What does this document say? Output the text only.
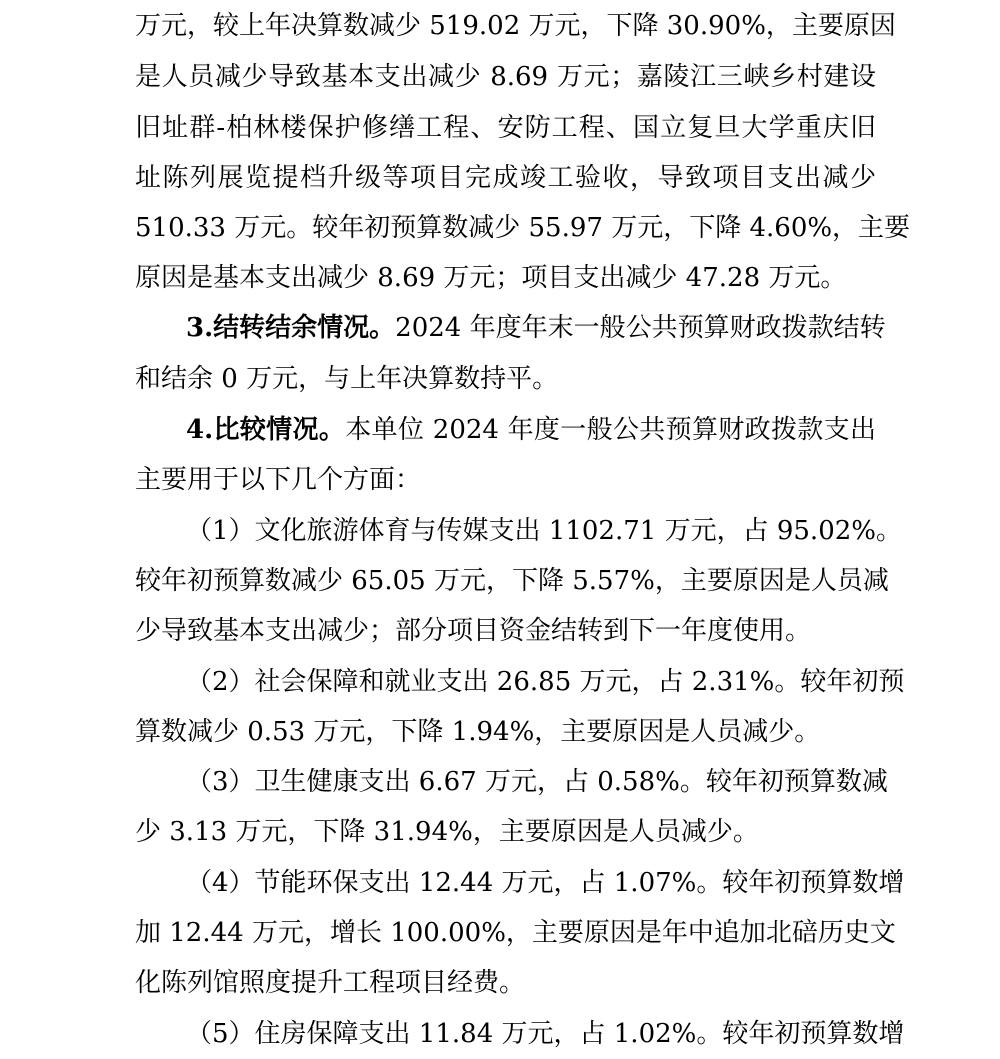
万元，较上年决算数减少 519.02 万元，下降 30.90%，主要原因
是人员减少导致基本支出减少 8.69 万元；嘉陵江三峡乡村建设
旧址群-柏林楼保护修缮工程、安防工程、国立复旦大学重庆旧
址陈列展览提档升级等项目完成竣工验收，导致项目支出减少
510.33 万元。较年初预算数减少 55.97 万元，下降 4.60%，主要
原因是基本支出减少 8.69 万元；项目支出减少 47.28 万元。
3.结转结余情况。2024 年度年末一般公共预算财政拨款结转
和结余 0 万元，与上年决算数持平。
4.比较情况。本单位 2024 年度一般公共预算财政拨款支出
主要用于以下几个方面：
（1）文化旅游体育与传媒支出 1102.71 万元，占 95.02%。
较年初预算数减少 65.05 万元，下降 5.57%，主要原因是人员减
少导致基本支出减少；部分项目资金结转到下一年度使用。
（2）社会保障和就业支出 26.85 万元，占 2.31%。较年初预
算数减少 0.53 万元，下降 1.94%，主要原因是人员减少。
（3）卫生健康支出 6.67 万元，占 0.58%。较年初预算数减
少 3.13 万元，下降 31.94%，主要原因是人员减少。
（4）节能环保支出 12.44 万元，占 1.07%。较年初预算数增
加 12.44 万元，增长 100.00%，主要原因是年中追加北碚历史文
化陈列馆照度提升工程项目经费。
（5）住房保障支出 11.84 万元，占 1.02%。较年初预算数增
